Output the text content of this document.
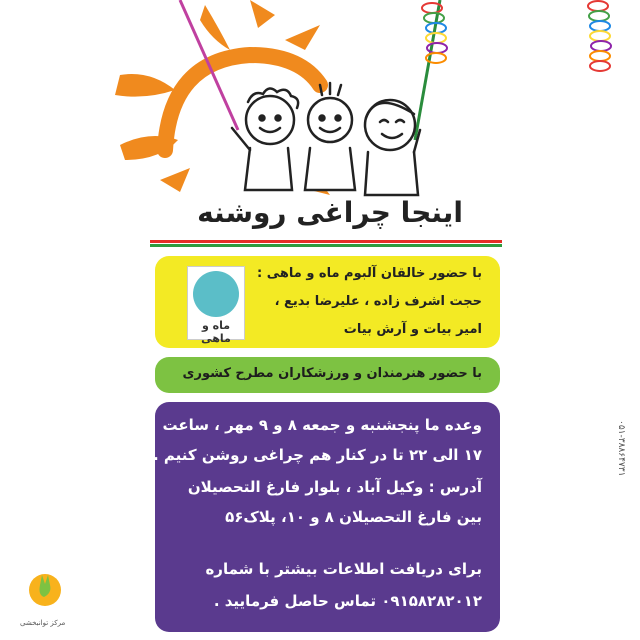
مرکز توانبخشی
اینجا چراغی روشنه
با حضور خالقان آلبوم ماه و ماهی :
حجت اشرف زاده ، علیرضا بدیع ،
امیر بیات و آرش بیات
ماه و ماهی
با حضور هنرمندان و ورزشکاران مطرح کشوری
وعده ما پنجشنبه و جمعه ۸ و ۹ مهر ، ساعت
۱۷ الی ۲۲ تا در کنار هم چراغی روشن کنیم .
آدرس : وکیل آباد ، بلوار فارغ التحصیلان
بین فارغ التحصیلان ۸ و ۱۰، پلاک۵۶
برای دریافت اطلاعات بیشتر با شماره
۰۹۱۵۸۲۸۲۰۱۲ تماس حاصل فرمایید .
۰۵۱-۳۸۸۶۴۷۳۱
